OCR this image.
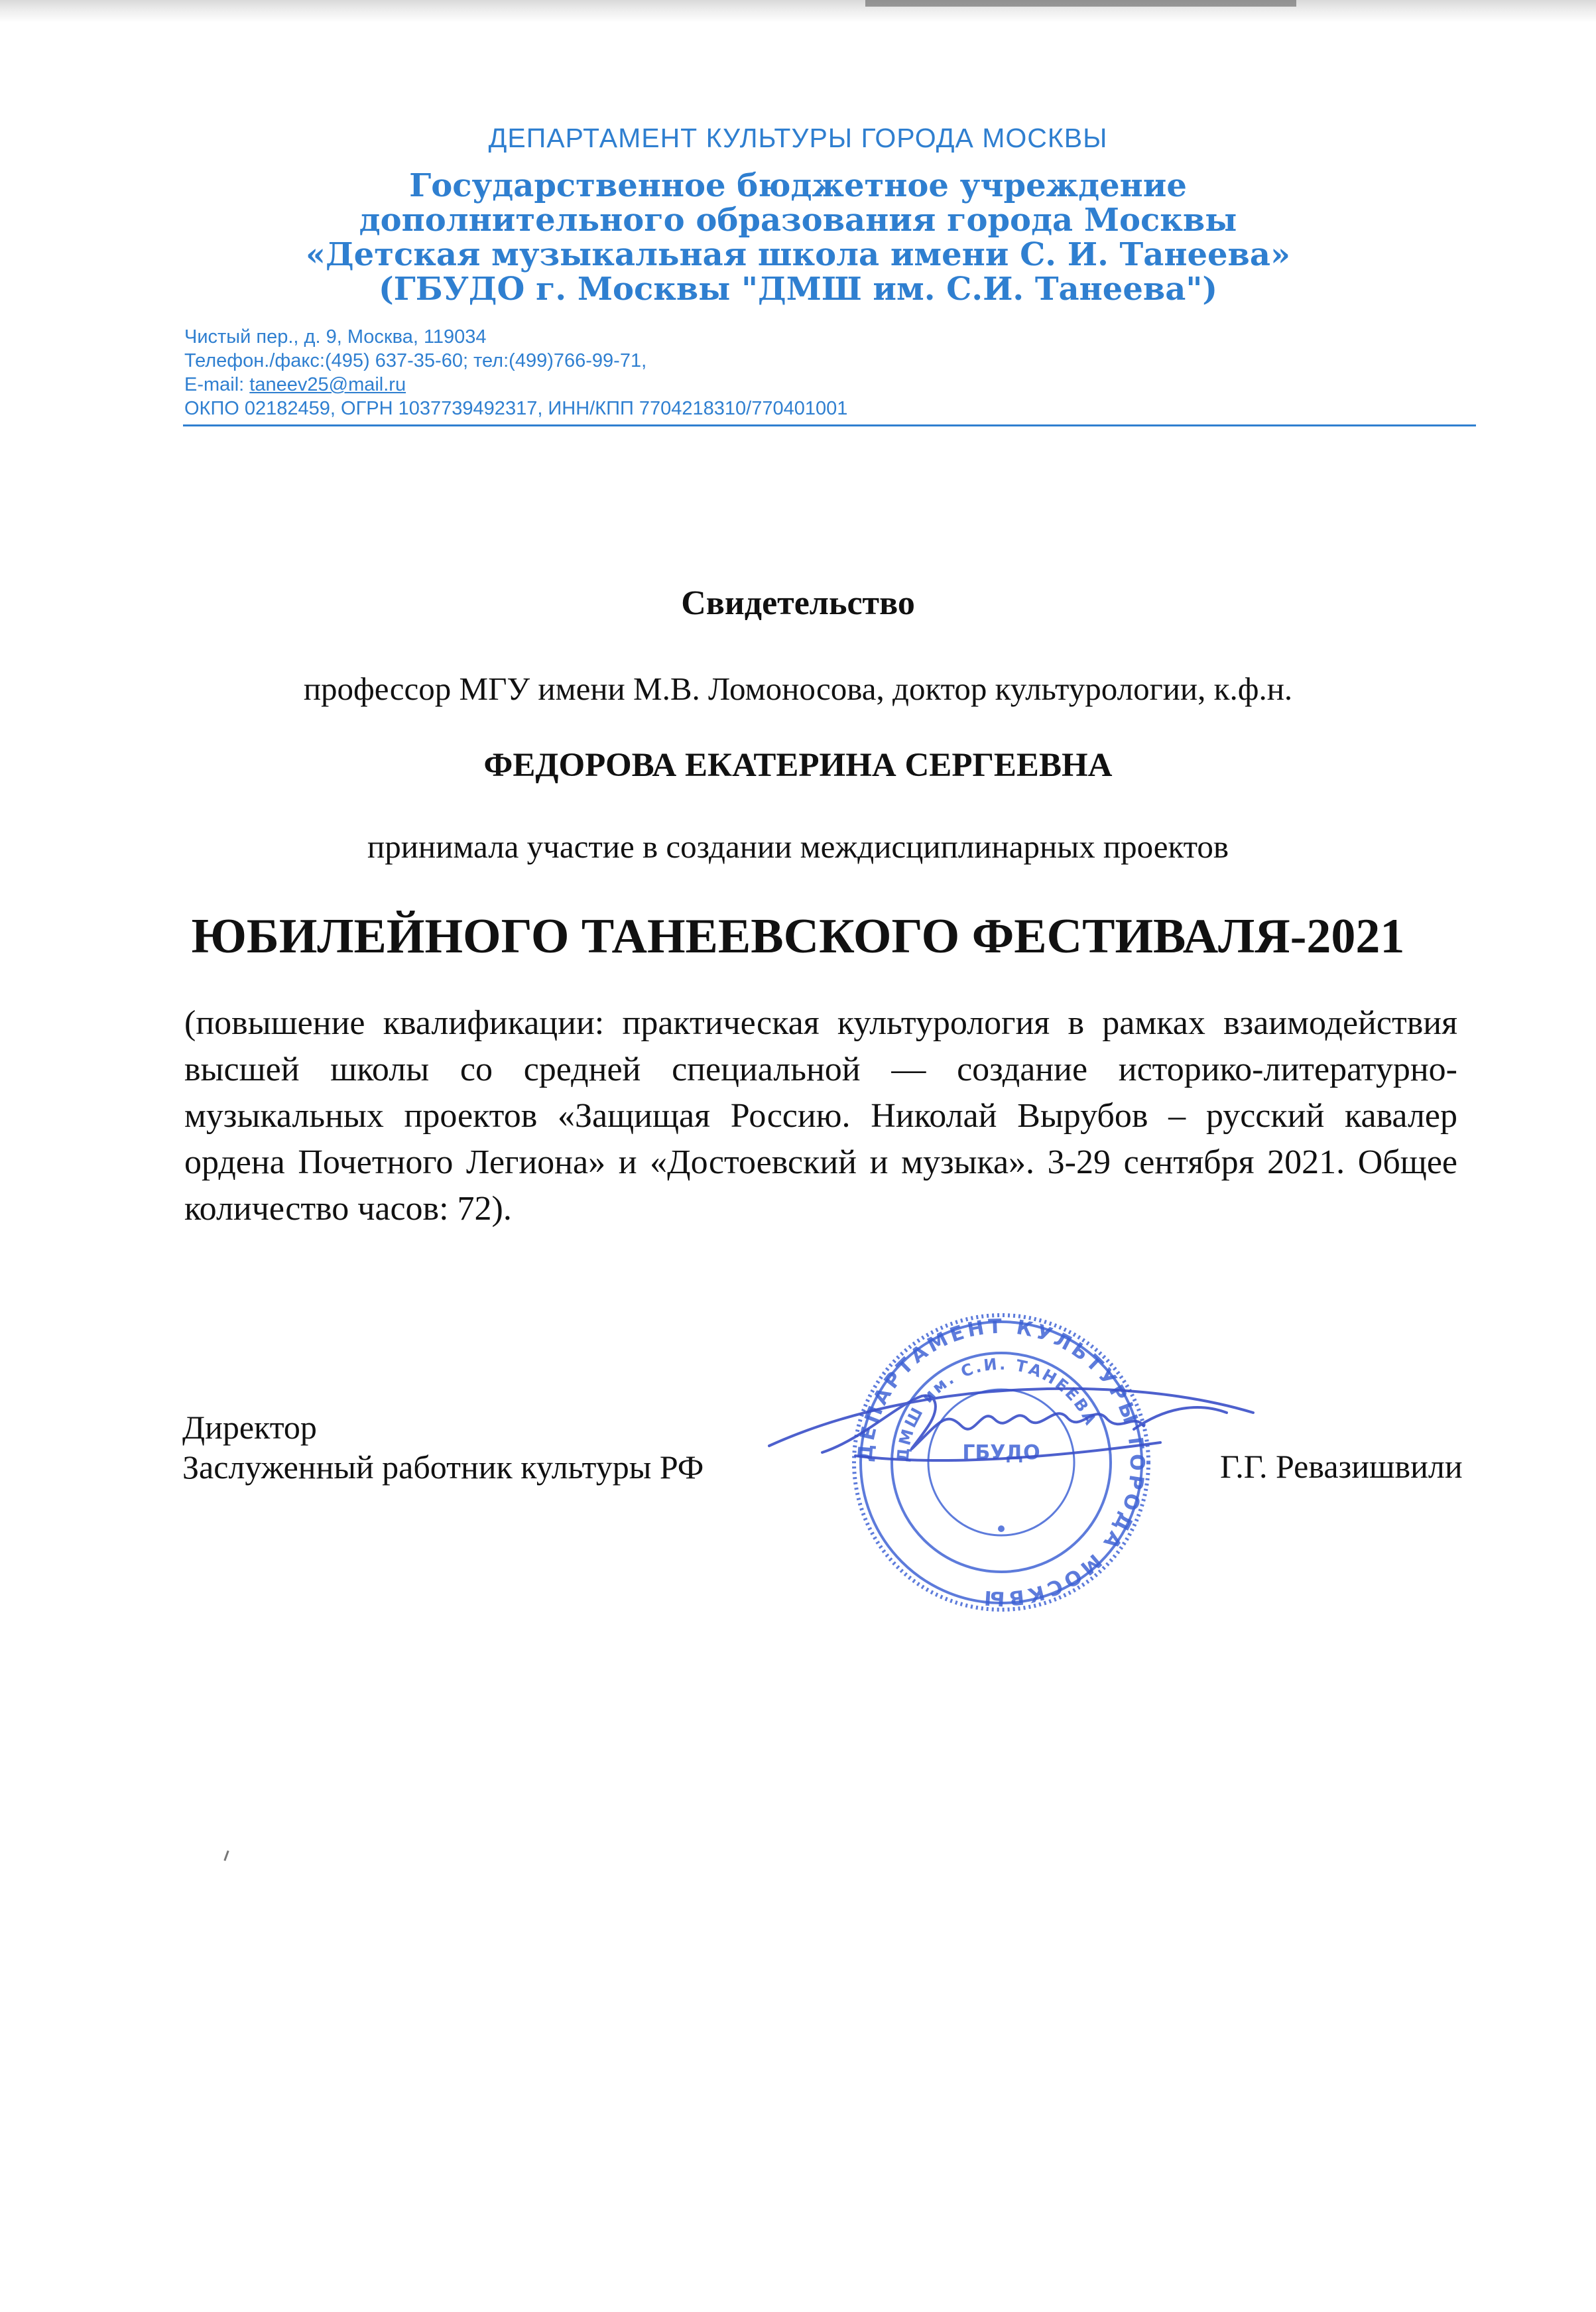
ДЕПАРТАМЕНТ КУЛЬТУРЫ ГОРОДА МОСКВЫ
Государственное бюджетное учреждение
дополнительного образования города Москвы
«Детская музыкальная школа имени С. И. Танеева»
(ГБУДО г. Москвы "ДМШ им. С.И. Танеева")
Чистый пер., д. 9, Москва, 119034
Телефон./факс:(495) 637-35-60; тел:(499)766-99-71,
E-mail: taneev25@mail.ru
ОКПО 02182459, ОГРН 1037739492317, ИНН/КПП 7704218310/770401001
Свидетельство
профессор МГУ имени М.В. Ломоносова, доктор культурологии, к.ф.н.
ФЕДОРОВА ЕКАТЕРИНА СЕРГЕЕВНА
принимала участие в создании междисциплинарных проектов
ЮБИЛЕЙНОГО ТАНЕЕВСКОГО ФЕСТИВАЛЯ-2021
(повышение квалификации: практическая культурология в рамках взаимодействия высшей школы со средней специальной — создание историко-литературно-музыкальных проектов «Защищая Россию. Николай Вырубов – русский кавалер ордена Почетного Легиона» и «Достоевский и музыка». 3-29 сентября 2021. Общее количество часов: 72).
Директор
Заслуженный работник культуры РФ	Г.Г. Ревазишвили
ДЕПАРТАМЕНТ КУЛЬТУРЫ ГОРОДА МОСКВЫ
ДМШ им. С.И. ТАНЕЕВА
ГБУДО
